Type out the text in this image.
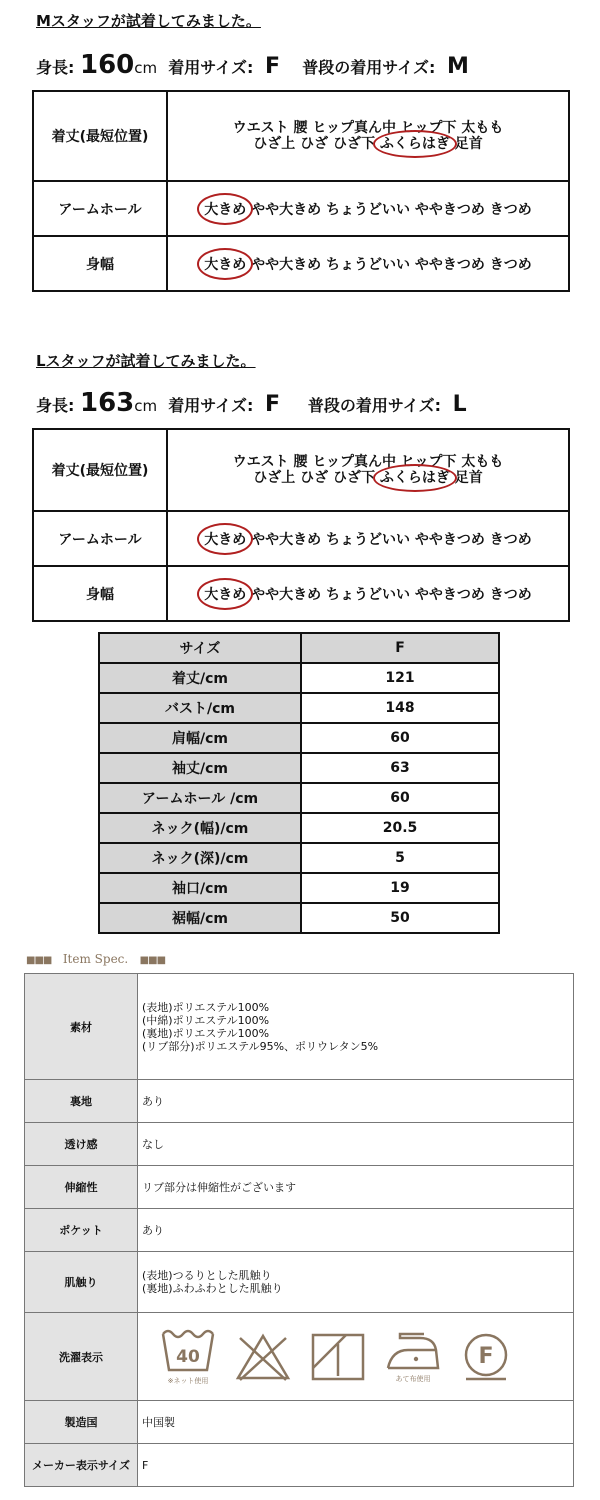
Mスタッフが試着してみました。
身長: 160cm 着用サイズ: F 普段の着用サイズ: M
着丈(最短位置)	ウエスト 腰 ヒップ真ん中 ヒップ下 太もも
ひざ上 ひざ ひざ下 ふくらはぎ 足首

アームホール	大きめ やや大きめ ちょうどいい ややきつめ きつめ
身幅	大きめ やや大きめ ちょうどいい ややきつめ きつめ
Lスタッフが試着してみました。
身長: 163cm 着用サイズ: F 普段の着用サイズ: L
着丈(最短位置)	ウエスト 腰 ヒップ真ん中 ヒップ下 太もも
ひざ上 ひざ ひざ下 ふくらはぎ 足首

アームホール	大きめ やや大きめ ちょうどいい ややきつめ きつめ
身幅	大きめ やや大きめ ちょうどいい ややきつめ きつめ
サイズ	F
着丈/cm	121
バスト/cm	148
肩幅/cm	60
袖丈/cm	63
アームホール /cm	60
ネック(幅)/cm	20.5
ネック(深)/cm	5
袖口/cm	19
裾幅/cm	50
■■■ Item Spec. ■■■
素材	(表地)ポリエステル100%
(中綿)ポリエステル100%
(裏地)ポリエステル100%
(リブ部分)ポリエステル95%、ポリウレタン5%

裏地	あり
透け感	なし
伸縮性	リブ部分は伸縮性がございます
ポケット	あり
肌触り	(表地)つるりとした肌触り
(裏地)ふわふわとした肌触り

洗濯表示	40
※ネット使用 あて布使用
F

製造国	中国製
メーカー表示サイズ	F
